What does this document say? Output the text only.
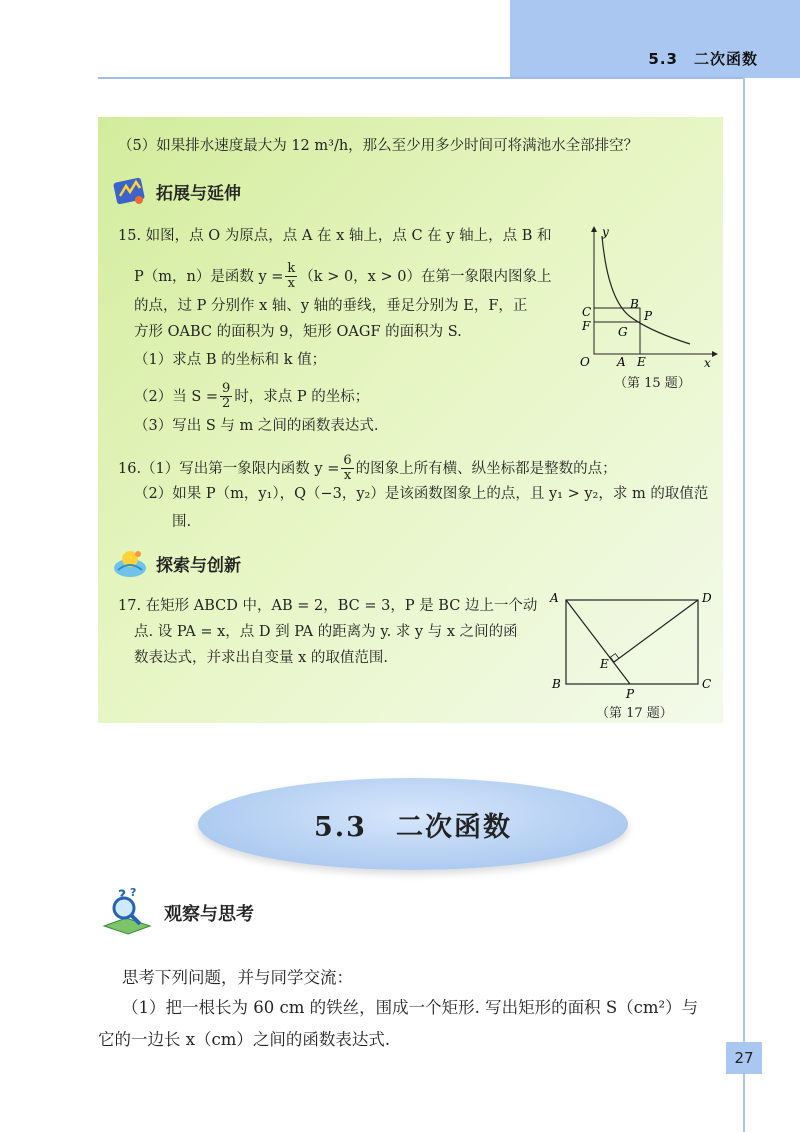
5.3　二次函数
（5）如果排水速度最大为 12 m³/h，那么至少用多少时间可将满池水全部排空？
拓展与延伸
15. 如图，点 O 为原点，点 A 在 x 轴上，点 C 在 y 轴上，点 B 和
P（m，n）是函数 $y = \frac{k}{x} (k > 0$，x > 0）在第一象限内图象上
的点，过 P 分别作 x 轴、y 轴的垂线，垂足分别为 E，F，正
方形 OABC 的面积为 9，矩形 OAGF 的面积为 S.
（1）求点 B 的坐标和 k 值；
（2）当 $S = \frac{9}{2}$ 时，求点 P 的坐标；
（3）写出 S 与 m 之间的函数表达式.
y
x
O A E
C
F
B
P
G
（第 15 题）
16.（1）写出第一象限内函数 $y = \frac{6}{x}$ 的图象上所有横、纵坐标都是整数的点；
（2）如果 P（m，y₁），Q（−3，y₂）是该函数图象上的点，且 y₁ > y₂，求 m 的取值范
围.
探索与创新
17. 在矩形 ABCD 中，AB = 2，BC = 3，P 是 BC 边上一个动
点. 设 PA = x，点 D 到 PA 的距离为 y. 求 y 与 x 之间的函
数表达式，并求出自变量 x 的取值范围.
A	D
B	C
P
E
（第 17 题）
5.3　二次函数
? ?
观察与思考
思考下列问题，并与同学交流：
（1）把一根长为 60 cm 的铁丝，围成一个矩形. 写出矩形的面积 S（cm²）与
它的一边长 x（cm）之间的函数表达式.
27
